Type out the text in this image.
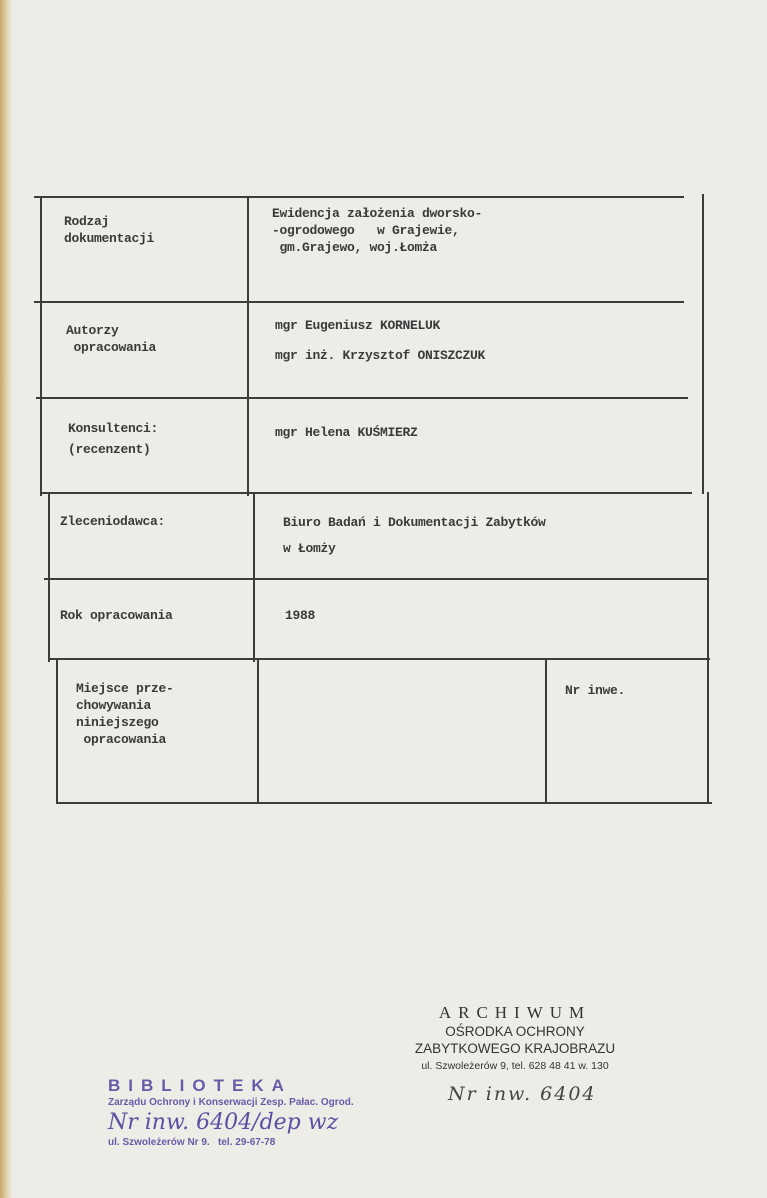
Rodzaj
dokumentacji
Ewidencja założenia dworsko-
-ogrodowego   w Grajewie,
gm.Grajewo, woj.Łomża
Autorzy
opracowania
mgr Eugeniusz KORNELUK

mgr inż. Krzysztof ONISZCZUK
Konsultenci:
(recenzent)
mgr Helena KUŚMIERZ
Zleceniodawca:	Biuro Badań i Dokumentacji Zabytków
w Łomży
Rok opracowania	1988
Miejsce prze-
chowywania
niniejszego
opracowania
Nr inwe.
ARCHIWUM
OŚRODKA OCHRONY
ZABYTKOWEGO KRAJOBRAZU
ul. Szwoleżerów 9, tel. 628 48 41 w. 130
Nr inw. 6404
BIBLIOTEKA
Zarządu Ochrony i Konserwacji Zesp. Pałac. Ogrod.
Nr inw. 6404/dep wz
ul. Szwoleżerów Nr 9.   tel. 29-67-78
